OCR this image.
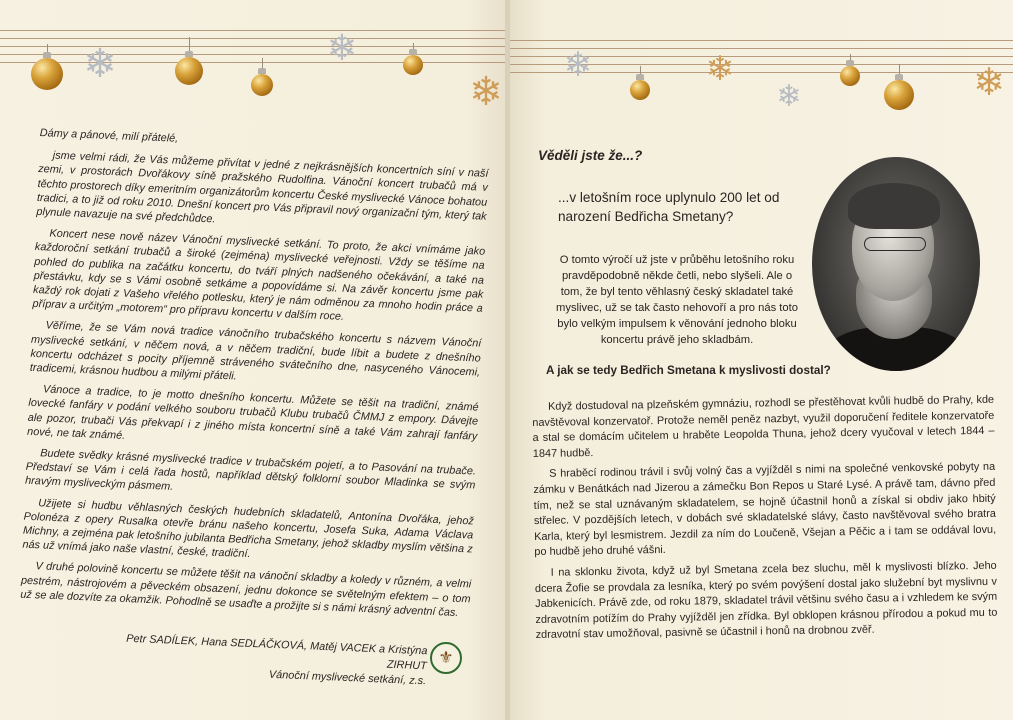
❄	❄
❄

Dámy a pánové, milí přátelé,

jsme velmi rádi, že Vás můžeme přivítat v jedné z nejkrásnějších koncertních síní v naší zemi, v prostorách Dvořákovy síně pražského Rudolfina. Vánoční koncert trubačů má v těchto prostorech díky emeritním organizátorům koncertu České myslivecké Vánoce bohatou tradici, a to již od roku 2010. Dnešní koncert pro Vás připravil nový organizační tým, který tak plynule navazuje na své předchůdce.

Koncert nese nově název Vánoční myslivecké setkání. To proto, že akci vnímáme jako každoroční setkání trubačů a široké (zejména) myslivecké veřejnosti. Vždy se těšíme na pohled do publika na začátku koncertu, do tváří plných nadšeného očekávání, a také na přestávku, kdy se s Vámi osobně setkáme a popovídáme si. Na závěr koncertu jsme pak každý rok dojati z Vašeho vřelého potlesku, který je nám odměnou za mnoho hodin práce a příprav a určitým „motorem“ pro přípravu koncertu v dalším roce.

Věříme, že se Vám nová tradice vánočního trubačského koncertu s názvem Vánoční myslivecké setkání, v něčem nová, a v něčem tradiční, bude líbit a budete z dnešního koncertu odcházet s pocity příjemně stráveného svátečního dne, nasyceného Vánocemi, tradicemi, krásnou hudbou a milými přáteli.

Vánoce a tradice, to je motto dnešního koncertu. Můžete se těšit na tradiční, známé lovecké fanfáry v podání velkého souboru trubačů Klubu trubačů ČMMJ z empory. Dávejte ale pozor, trubači Vás překvapí i z jiného místa koncertní síně a také Vám zahrají fanfáry nové, ne tak známé.

Budete svědky krásné myslivecké tradice v trubačském pojetí, a to Pasování na trubače. Představí se Vám i celá řada hostů, například dětský folklorní soubor Mladinka se svým hravým mysliveckým pásmem.

Užijete si hudbu věhlasných českých hudebních skladatelů, Antonína Dvořáka, jehož Polonéza z opery Rusalka otevře bránu našeho koncertu, Josefa Suka, Adama Václava Michny, a zejména pak letošního jubilanta Bedřicha Smetany, jehož skladby myslím většina z nás už vnímá jako naše vlastní, české, tradiční.

V druhé polovině koncertu se můžete těšit na vánoční skladby a koledy v různém, a velmi pestrém, nástrojovém a pěveckém obsazení, jednu dokonce se světelným efektem – o tom už se ale dozvíte za okamžik. Pohodlně se usaďte a prožijte si s námi krásný adventní čas.

Petr SADÍLEK, Hana SEDLÁČKOVÁ, Matěj VACEK a Kristýna ZIRHUT
Vánoční myslivecké setkání, z.s.
⚜
❄	❄
❄	❄
Věděli jste že...?
...v letošním roce uplynulo 200 let od narození Bedřicha Smetany?
O tomto výročí už jste v průběhu letošního roku pravděpodobně někde četli, nebo slyšeli. Ale o tom, že byl tento věhlasný český skladatel také myslivec, už se tak často nehovoří a pro nás toto bylo velkým impulsem k věnování jednoho bloku koncertu právě jeho skladbám.
A jak se tedy Bedřich Smetana k myslivosti dostal?

Když dostudoval na plzeňském gymnáziu, rozhodl se přestěhovat kvůli hudbě do Prahy, kde navštěvoval konzervatoř. Protože neměl peněz nazbyt, využil doporučení ředitele konzervatoře a stal se domácím učitelem u hraběte Leopolda Thuna, jehož dcery vyučoval v letech 1844 – 1847 hudbě.

S hraběcí rodinou trávil i svůj volný čas a vyjížděl s nimi na společné venkovské pobyty na zámku v Benátkách nad Jizerou a zámečku Bon Repos u Staré Lysé. A právě tam, dávno před tím, než se stal uznávaným skladatelem, se hojně účastnil honů a získal si obdiv jako hbitý střelec. V pozdějších letech, v dobách své skladatelské slávy, často navštěvoval svého bratra Karla, který byl lesmistrem. Jezdil za ním do Loučeně, Všejan a Pěčic a i tam se oddával lovu, po hudbě jeho druhé vášni.

I na sklonku života, když už byl Smetana zcela bez sluchu, měl k myslivosti blízko. Jeho dcera Žofie se provdala za lesníka, který po svém povýšení dostal jako služební byt myslivnu v Jabkenicích. Právě zde, od roku 1879, skladatel trávil většinu svého času a i vzhledem ke svým zdravotním potížím do Prahy vyjížděl jen zřídka. Byl obklopen krásnou přírodou a pokud mu to zdravotní stav umožňoval, pasivně se účastnil i honů na drobnou zvěř.
